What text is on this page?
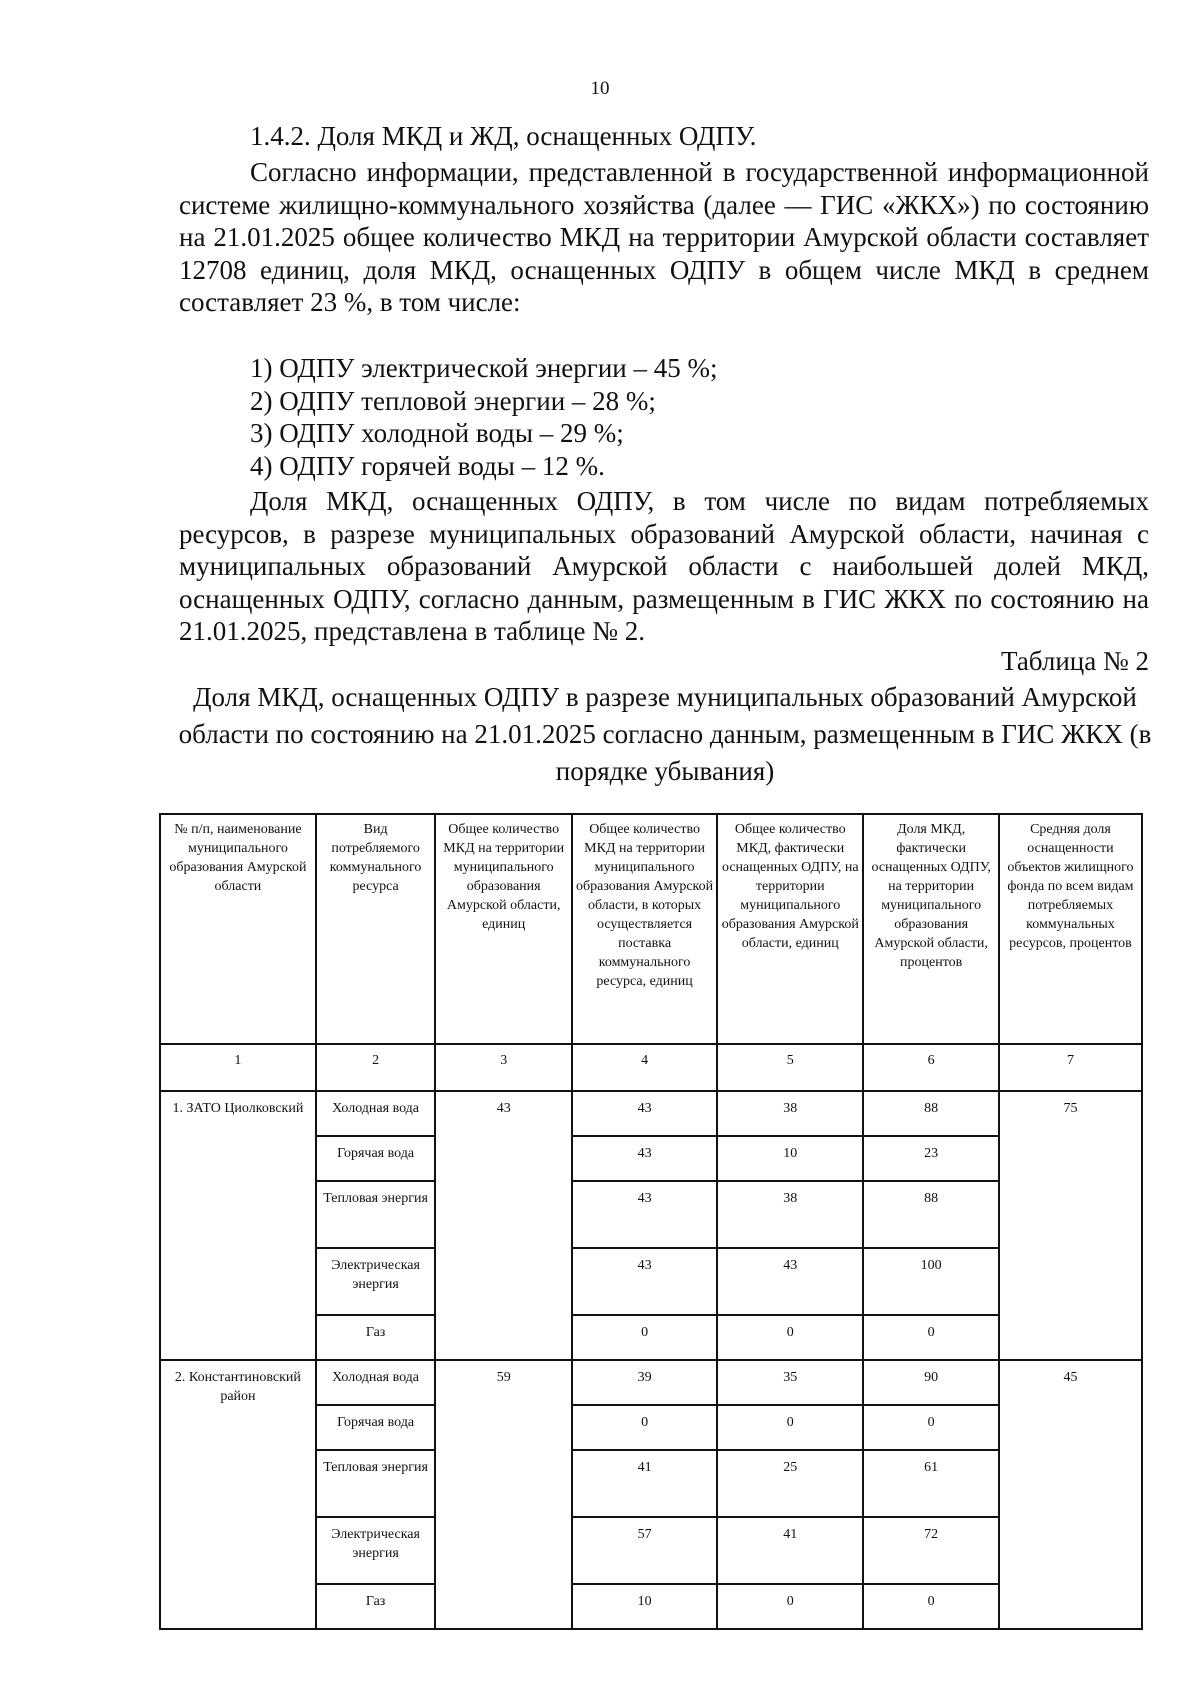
10
1.4.2. Доля МКД и ЖД, оснащенных ОДПУ.
Согласно информации, представленной в государственной информационной системе жилищно-коммунального хозяйства (далее — ГИС «ЖКХ») по состоянию на 21.01.2025 общее количество МКД на территории Амурской области составляет 12708 единиц, доля МКД, оснащенных ОДПУ в общем числе МКД в среднем составляет 23 %, в том числе:
1) ОДПУ электрической энергии – 45 %;
2) ОДПУ тепловой энергии – 28 %;
3) ОДПУ холодной воды – 29 %;
4) ОДПУ горячей воды – 12 %.
Доля МКД, оснащенных ОДПУ, в том числе по видам потребляемых ресурсов, в разрезе муниципальных образований Амурской области, начиная с муниципальных образований Амурской области с наибольшей долей МКД, оснащенных ОДПУ, согласно данным, размещенным в ГИС ЖКХ по состоянию на 21.01.2025, представлена в таблице № 2.
Таблица № 2
Доля МКД, оснащенных ОДПУ в разрезе муниципальных образований Амурской области по состоянию на 21.01.2025 согласно данным, размещенным в ГИС ЖКХ (в порядке убывания)
№ п/п, наименование муниципального образования Амурской области	Вид потребляемого коммунального ресурса	Общее количество МКД на территории муниципального образования Амурской области, единиц	Общее количество МКД на территории муниципального образования Амурской области, в которых осуществляется поставка коммунального ресурса, единиц	Общее количество МКД, фактически оснащенных ОДПУ, на территории муниципального образования Амурской области, единиц	Доля МКД, фактически оснащенных ОДПУ, на территории муниципального образования Амурской области, процентов	Средняя доля оснащенности объектов жилищного фонда по всем видам потребляемых коммунальных ресурсов, процентов
1	2	3	4	5	6	7
1. ЗАТО Циолковский	Холодная вода	43	43	38	88	75
	Горячая вода		43	10	23	
	Тепловая энергия		43	38	88	
	Электрическая энергия		43	43	100	
	Газ		0	0	0	
2. Константиновский район	Холодная вода	59	39	35	90	45
	Горячая вода		0	0	0	
	Тепловая энергия		41	25	61	
	Электрическая энергия		57	41	72	
	Газ		10	0	0	
